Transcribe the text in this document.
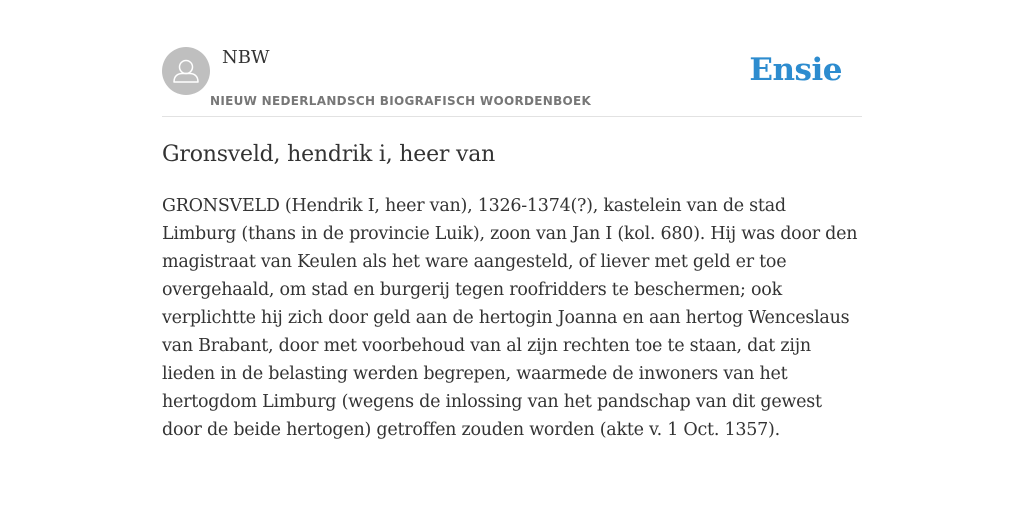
NBW
NIEUW NEDERLANDSCH BIOGRAFISCH WOORDENBOEK
Ensie
Gronsveld, hendrik i, heer van

GRONSVELD (Hendrik I, heer van), 1326-1374(?), kastelein van de stad Limburg (thans in de provincie Luik), zoon van Jan I (kol. 680). Hij was door den magistraat van Keulen als het ware aangesteld, of liever met geld er toe overgehaald, om stad en burgerij tegen roofridders te beschermen; ook verplichtte hij zich door geld aan de hertogin Joanna en aan hertog Wenceslaus van Brabant, door met voorbehoud van al zijn rechten toe te staan, dat zijn lieden in de belasting werden begrepen, waarmede de inwoners van het hertogdom Limburg (wegens de inlossing van het pandschap van dit gewest door de beide hertogen) getroffen zouden worden (akte v. 1 Oct. 1357).
